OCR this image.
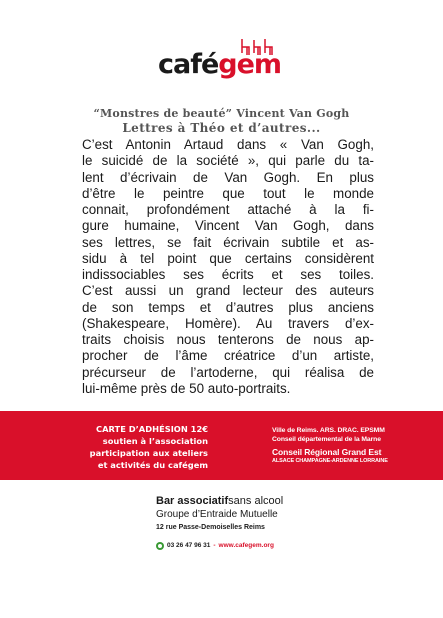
cafégem
“Monstres de beauté” Vincent Van Gogh
Lettres à Théo et d’autres...
C’est Antonin Artaud dans « Van Gogh,
le suicidé de la société », qui parle du ta-
lent d’écrivain de Van Gogh. En plus
d’être le peintre que tout le monde
connait, profondément attaché à la fi-
gure humaine, Vincent Van Gogh, dans
ses lettres, se fait écrivain subtile et as-
sidu à tel point que certains considèrent
indissociables ses écrits et ses toiles.
C’est aussi un grand lecteur des auteurs
de son temps et d’autres plus anciens
(Shakespeare, Homère). Au travers d’ex-
traits choisis nous tenterons de nous ap-
procher de l’âme créatrice d’un artiste,
précurseur de l’artoderne, qui réalisa de
lui-même près de 50 auto-portraits.
CARTE D’ADHÉSION 12€
soutien à l’association
participation aux ateliers
et activités du cafégem
Ville de Reims. ARS. DRAC. EPSMM
Conseil départemental de la Marne
Conseil Régional Grand Est
ALSACE CHAMPAGNE-ARDENNE LORRAINE
Bar associatifsans alcool
Groupe d’Entraide Mutuelle
12 rue Passe-Demoiselles Reims
03 26 47 96 31 - www.cafegem.org
